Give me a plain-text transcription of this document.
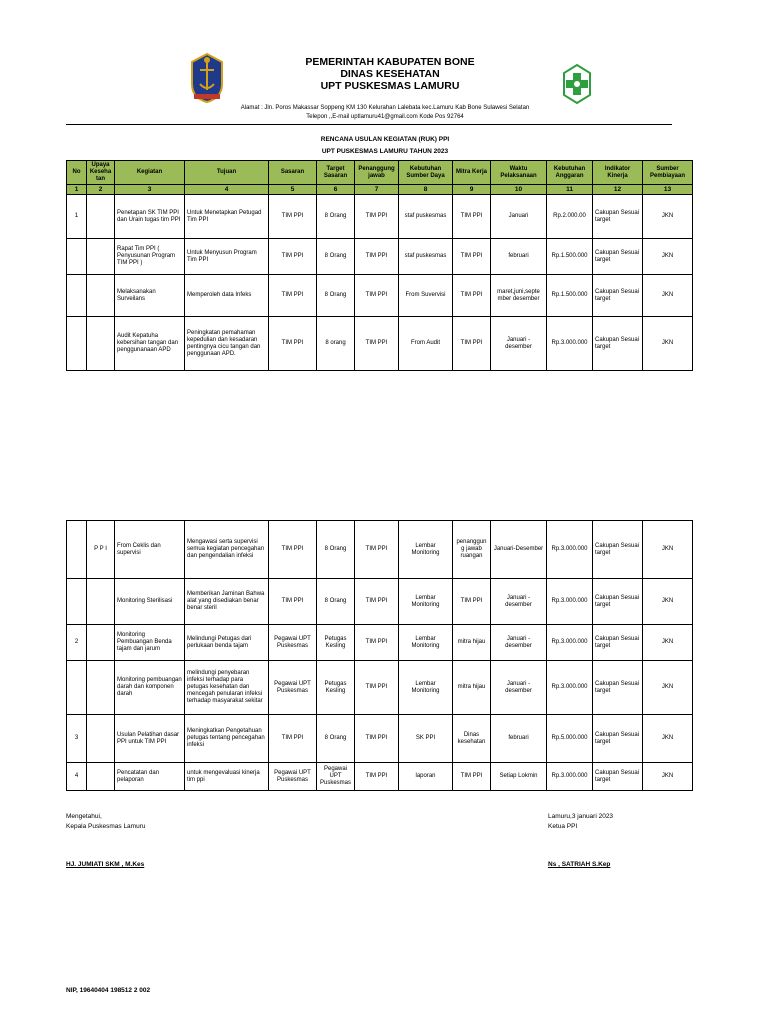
PEMERINTAH KABUPATEN BONE
DINAS KESEHATAN
UPT PUSKESMAS LAMURU
Alamat : Jln. Poros Makassar Soppeng KM 130 Kelurahan Lalebata kec.Lamuru Kab Bone Sulawesi Selatan
Telepon ,,E-mail uptlamuru41@gmail.com Kode Pos 92764
RENCANA USULAN KEGIATAN (RUK) PPI
UPT PUSKESMAS LAMURU TAHUN 2023
No	Upaya Kesehatan	Kegiatan	Tujuan	Sasaran	Target Sasaran	Penanggung jawab	Kebutuhan Sumber Daya	Mitra Kerja	Waktu Pelaksanaan	Kebutuhan Anggaran	Indikator Kinerja	Sumber Pembiayaan
1	2	3	4	5	6	7	8	9	10	11	12	13
1		Penetapan SK TIM PPI dan Urain tugas tim PPI	Untuk Menetapkan Petugad Tim PPI	TIM PPI	8 Orang	TIM PPI	staf puskesmas	TIM PPI	Januari	Rp.2.000.00	Cakupan Sesuai target	JKN
		Rapat Tim PPI ( Penyusunan Program TIM PPI )	Untuk Menyusun Program Tim PPI	TIM PPI	8 Orang	TIM PPI	staf puskesmas	TIM PPI	februari	Rp.1.500.000	Cakupan Sesuai target	JKN
		Melaksanakan Surveilans	Memperoleh data Infeks	TIM PPI	8 Orang	TIM PPI	From Suvervisi	TIM PPI	maret,juni,septe mber desember	Rp.1.500.000	Cakupan Sesuai target	JKN
		Audit Kepatuha kebersihan tangan dan penggunanaan APD	Peningkatan pemahaman kepedulian dan kesadaran pentingnya cicu tangan dan penggunaan APD.	TIM PPI	8 orang	TIM PPI	From Audit	TIM PPI	Januari - desember	Rp.3.000.000	Cakupan Sesuai target	JKN
	P P I	From Ceklis dan supervisi	Mengawasi serta supervisi semua kegiatan pencegahan dan pengendalian infeksi	TIM PPI	8 Orang	TIM PPI	Lembar Monitoring	penanggun g jawab ruangan	Januari-Desember	Rp.3.000.000	Cakupan Sesuai target	JKN
		Monitoring Sterilisasi	Memberikan Jaminan Bahwa alat yang disediakan benar benar steril	TIM PPI	8 Orang	TIM PPI	Lembar Monitoring	TIM PPI	Januari - desember	Rp.3.000.000	Cakupan Sesuai target	JKN
2		Monitoring Pembuangan Benda tajam dan jarum	Melindungi Petugas dari perlukaan benda tajam	Pegawai UPT Puskesmas	Petugas Kesling	TIM PPI	Lembar Monitoring	mitra hijau	Januari - desember	Rp.3.000.000	Cakupan Sesuai target	JKN
		Monitoring pembuangan darah dan komponen darah	melindungi penyebaran infeksi terhadap para petugas kesehatan dan mencegah penularan infeksi terhadap masyarakat sekitar	Pegawai UPT Puskesmas	Petugas Kesling	TIM PPI	Lembar Monitoring	mitra hijau	Januari - desember	Rp.3.000.000	Cakupan Sesuai target	JKN
3		Usulan Pelatihan dasar PPI untuk TIM PPI	Meningkatkan Pengetahuan petugas tentang pencegahan infeksi	TIM PPI	8 Orang	TIM PPI	SK PPI	Dinas kesehatan	februari	Rp.5.000.000	Cakupan Sesuai target	JKN
4		Pencatatan dan pelaporan	untuk mengevaluasi kinerja tim ppi	Pegawai UPT Puskesmas	Pegawai UPT Puskesmas	TIM PPI	laporan	TIM PPI	Setiap Lokmin	Rp.3.000.000	Cakupan Sesuai target	JKN
Mengetahui,
Kepala Puskesmas Lamuru
HJ. JUMIATI SKM , M.Kes
NIP, 19640404 198512 2 002
Lamuru,3 januari 2023
Ketua PPI
Ns , SATRIAH S.Kep
